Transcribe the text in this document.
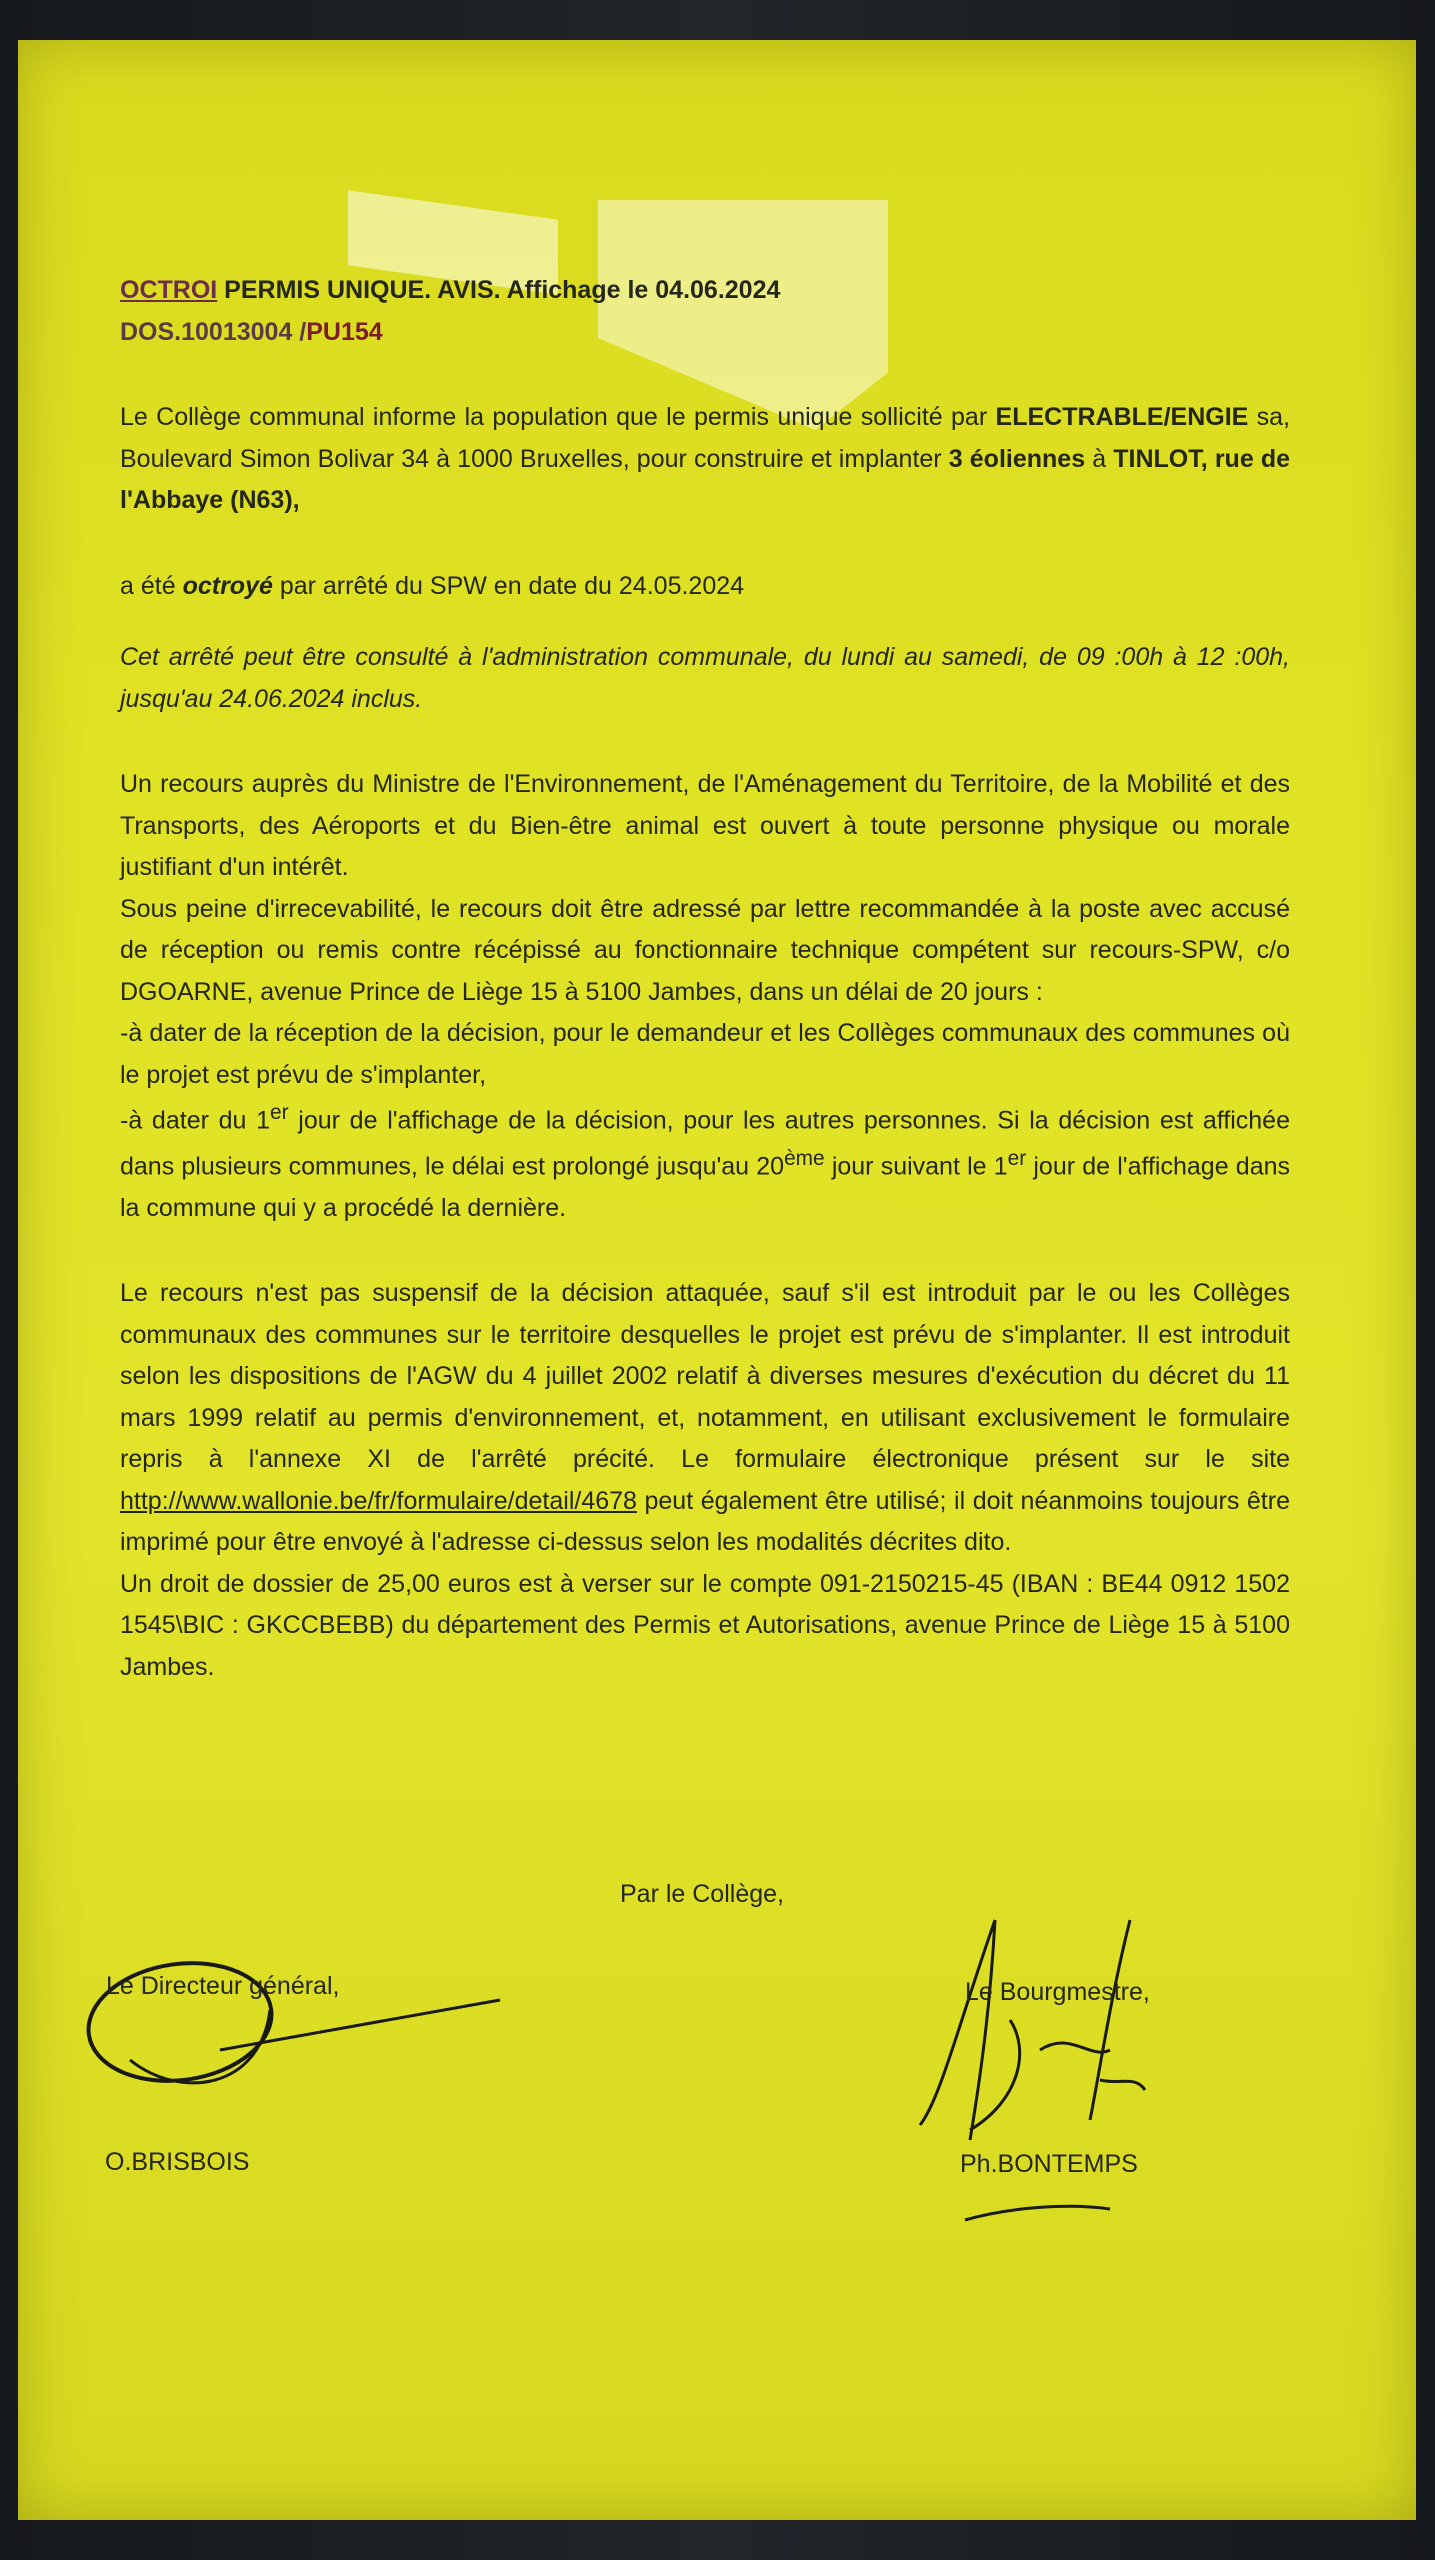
OCTROI PERMIS UNIQUE. AVIS. Affichage le 04.06.2024

DOS.10013004 /PU154

Le Collège communal informe la population que le permis unique sollicité par ELECTRABLE/ENGIE sa, Boulevard Simon Bolivar 34 à 1000 Bruxelles, pour construire et implanter 3 éoliennes à TINLOT, rue de l'Abbaye (N63),

a été octroyé par arrêté du SPW en date du 24.05.2024

Cet arrêté peut être consulté à l'administration communale, du lundi au samedi, de 09 :00h à 12 :00h, jusqu'au 24.06.2024 inclus.

Un recours auprès du Ministre de l'Environnement, de l'Aménagement du Territoire, de la Mobilité et des Transports, des Aéroports et du Bien-être animal est ouvert à toute personne physique ou morale justifiant d'un intérêt.

Sous peine d'irrecevabilité, le recours doit être adressé par lettre recommandée à la poste avec accusé de réception ou remis contre récépissé au fonctionnaire technique compétent sur recours-SPW, c/o DGOARNE, avenue Prince de Liège 15 à 5100 Jambes, dans un délai de 20 jours :

-à dater de la réception de la décision, pour le demandeur et les Collèges communaux des communes où le projet est prévu de s'implanter,

-à dater du 1er jour de l'affichage de la décision, pour les autres personnes. Si la décision est affichée dans plusieurs communes, le délai est prolongé jusqu'au 20ème jour suivant le 1er jour de l'affichage dans la commune qui y a procédé la dernière.

Le recours n'est pas suspensif de la décision attaquée, sauf s'il est introduit par le ou les Collèges communaux des communes sur le territoire desquelles le projet est prévu de s'implanter. Il est introduit selon les dispositions de l'AGW du 4 juillet 2002 relatif à diverses mesures d'exécution du décret du 11 mars 1999 relatif au permis d'environnement, et, notamment, en utilisant exclusivement le formulaire repris à l'annexe XI de l'arrêté précité. Le formulaire électronique présent sur le site http://www.wallonie.be/fr/formulaire/detail/4678 peut également être utilisé; il doit néanmoins toujours être imprimé pour être envoyé à l'adresse ci-dessus selon les modalités décrites dito.

Un droit de dossier de 25,00 euros est à verser sur le compte 091-2150215-45 (IBAN : BE44 0912 1502 1545\BIC : GKCCBEBB) du département des Permis et Autorisations, avenue Prince de Liège 15 à 5100 Jambes.

Par le Collège,
Le Directeur général,
O.BRISBOIS
Le Bourgmestre,
Ph.BONTEMPS
